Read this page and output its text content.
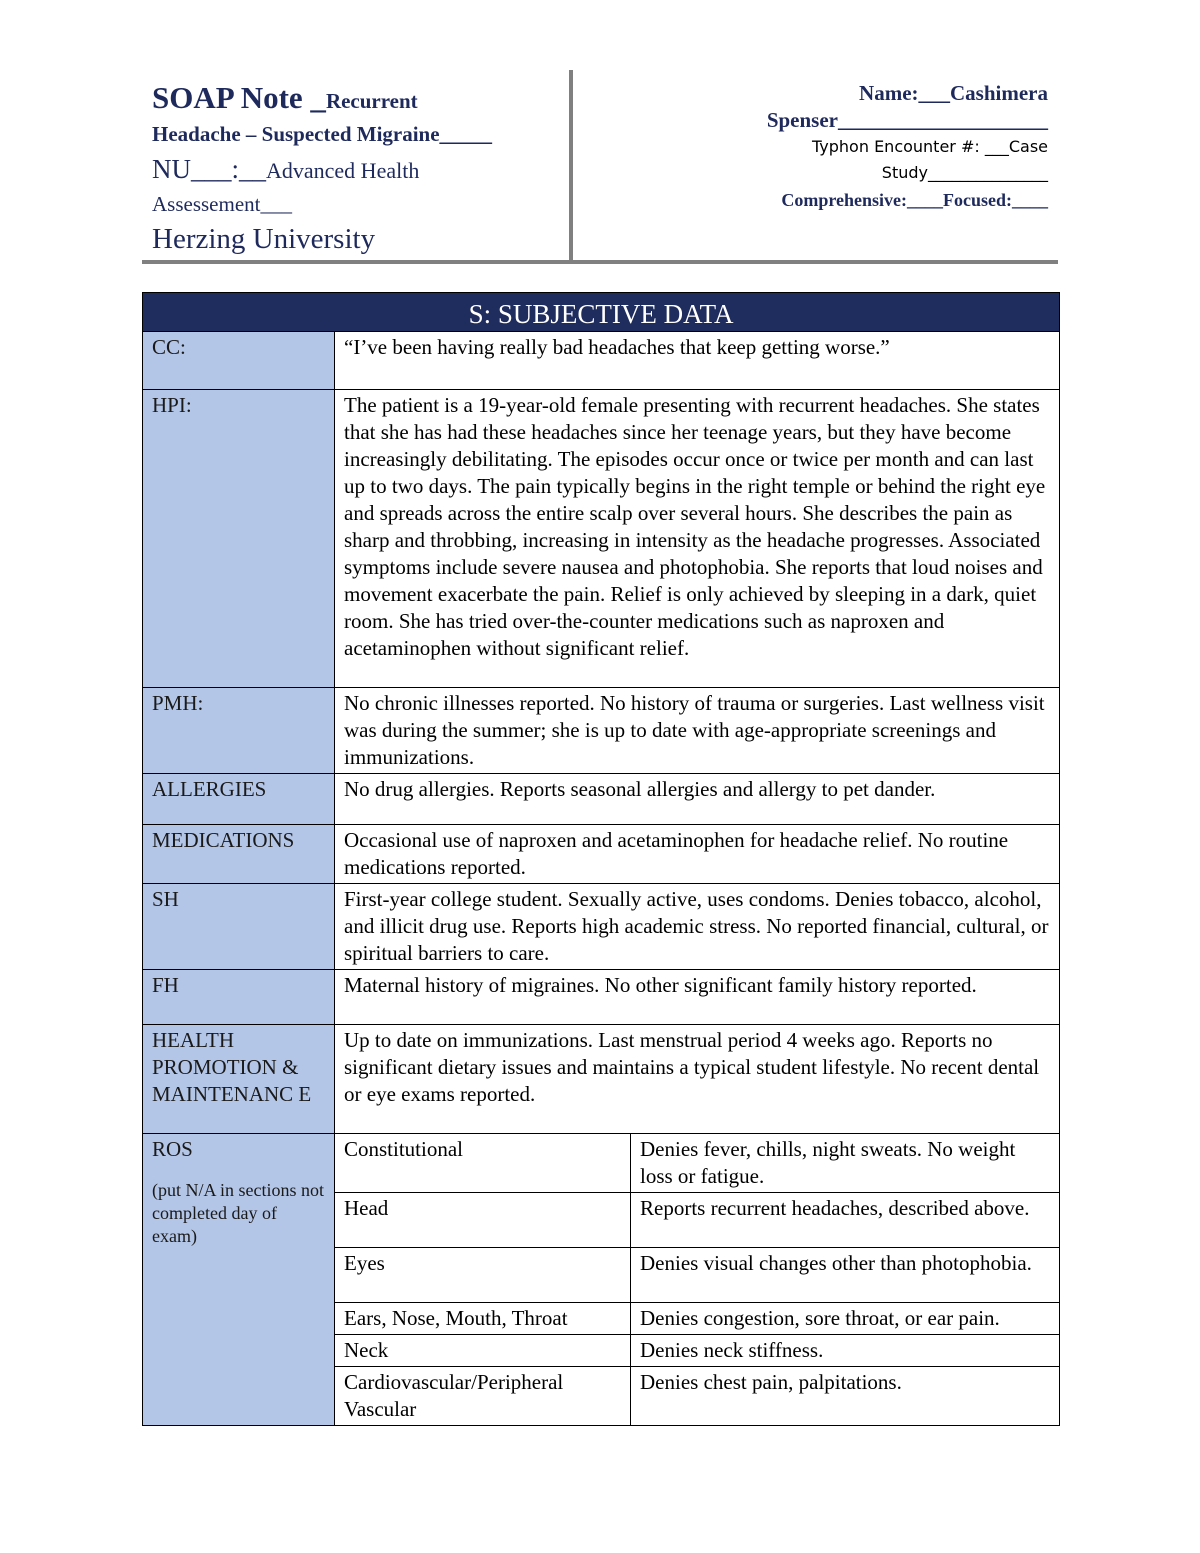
SOAP Note _Recurrent
Headache – Suspected Migraine_____
NU___:__Advanced Health
Assessement___
Herzing University
Name:___Cashimera
Spenser____________________
Typhon Encounter #: ___Case
Study_______________
Comprehensive:____Focused:____
S: SUBJECTIVE DATA		
CC:	“I’ve been having really bad headaches that keep getting worse.”	
HPI:	The patient is a 19-year-old female presenting with recurrent headaches. She states that she has had these headaches since her teenage years, but they have become increasingly debilitating. The episodes occur once or twice per month and can last up to two days. The pain typically begins in the right temple or behind the right eye and spreads across the entire scalp over several hours. She describes the pain as sharp and throbbing, increasing in intensity as the headache progresses. Associated symptoms include severe nausea and photophobia. She reports that loud noises and movement exacerbate the pain. Relief is only achieved by sleeping in a dark, quiet room. She has tried over-the-counter medications such as naproxen and acetaminophen without significant relief.	
PMH:	No chronic illnesses reported. No history of trauma or surgeries. Last wellness visit was during the summer; she is up to date with age-appropriate screenings and immunizations.	
ALLERGIES	No drug allergies. Reports seasonal allergies and allergy to pet dander.	
MEDICATIONS	Occasional use of naproxen and acetaminophen for headache relief. No routine medications reported.	
SH	First-year college student. Sexually active, uses condoms. Denies tobacco, alcohol, and illicit drug use. Reports high academic stress. No reported financial, cultural, or spiritual barriers to care.	
FH	Maternal history of migraines. No other significant family history reported.	
HEALTH PROMOTION & MAINTENANC E	Up to date on immunizations. Last menstrual period 4 weeks ago. Reports no significant dietary issues and maintains a typical student lifestyle. No recent dental or eye exams reported.	

ROS
(put N/A in sections not completed day of exam)	Constitutional	Denies fever, chills, night sweats. No weight loss or fatigue.
	Head	Reports recurrent headaches, described above.
	Eyes	Denies visual changes other than photophobia.
	Ears, Nose, Mouth, Throat	Denies congestion, sore throat, or ear pain.
	Neck	Denies neck stiffness.
	Cardiovascular/Peripheral Vascular	Denies chest pain, palpitations.
